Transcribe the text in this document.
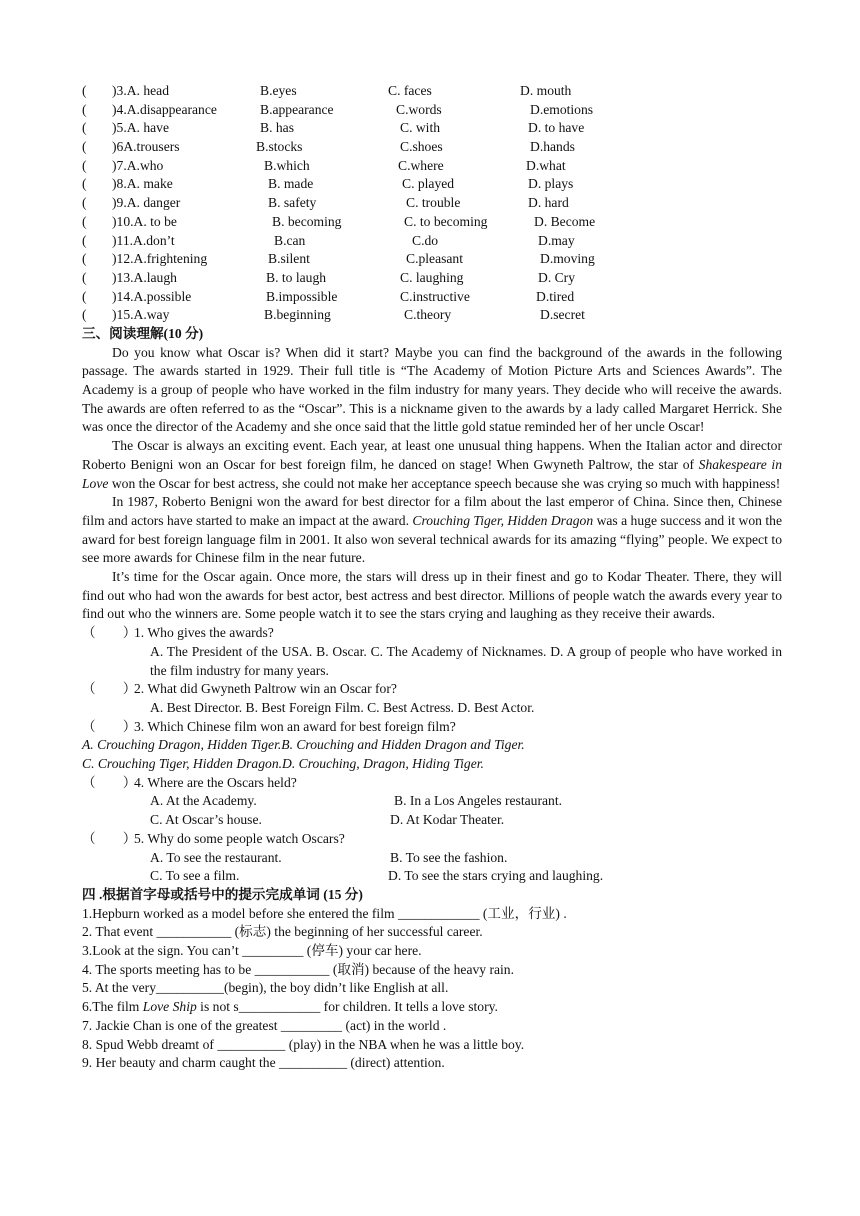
( )3.A. head	B.eyes	C. faces	D. mouth
( )4.A.disappearance	B.appearance	C.words	D.emotions
( )5.A. have	B. has	C. with	D. to have
( )6A.trousers	B.stocks	C.shoes	D.hands
( )7.A.who	B.which	C.where	D.what
( )8.A. make	B. made	C. played	D. plays
( )9.A. danger	B. safety	C. trouble	D. hard
( )10.A. to be	B. becoming	C. to becoming	D. Become
( )11.A.don’t	B.can	C.do	D.may
( )12.A.frightening	B.silent	C.pleasant	D.moving
( )13.A.laugh	B. to laugh	C. laughing	D. Cry
( )14.A.possible	B.impossible	C.instructive	D.tired
( )15.A.way	B.beginning	C.theory	D.secret
三、阅读理解(10 分)

Do you know what Oscar is? When did it start? Maybe you can find the background of the awards in the following passage. The awards started in 1929. Their full title is “The Academy of Motion Picture Arts and Sciences Awards”. The Academy is a group of people who have worked in the film industry for many years. They decide who will receive the awards. The awards are often referred to as the “Oscar”. This is a nickname given to the awards by a lady called Margaret Herrick. She was once the director of the Academy and she once said that the little gold statue reminded her of her uncle Oscar!

The Oscar is always an exciting event. Each year, at least one unusual thing happens. When the Italian actor and director Roberto Benigni won an Oscar for best foreign film, he danced on stage! When Gwyneth Paltrow, the star of Shakespeare in Love won the Oscar for best actress, she could not make her acceptance speech because she was crying so much with happiness!

In 1987, Roberto Benigni won the award for best director for a film about the last emperor of China. Since then, Chinese film and actors have started to make an impact at the award. Crouching Tiger, Hidden Dragon was a huge success and it won the award for best foreign language film in 2001. It also won several technical awards for its amazing “flying” people. We expect to see more awards for Chinese film in the near future.

It’s time for the Oscar again. Once more, the stars will dress up in their finest and go to Kodar Theater. There, they will find out who had won the awards for best actor, best actress and best director. Millions of people watch the awards every year to find out who the winners are. Some people watch it to see the stars crying and laughing as they receive their awards.

（　　）1. Who gives the awards?
A. The President of the USA. B. Oscar. C. The Academy of Nicknames. D. A group of people who have worked in the film industry for many years.
（　　）2. What did Gwyneth Paltrow win an Oscar for?
A. Best Director. B. Best Foreign Film. C. Best Actress. D. Best Actor.
（　　）3. Which Chinese film won an award for best foreign film?
A. Crouching Dragon, Hidden Tiger.B. Crouching and Hidden Dragon and Tiger.
C. Crouching Tiger, Hidden Dragon.D. Crouching, Dragon, Hiding Tiger.
（　　）4. Where are the Oscars held?
A. At the Academy.	B. In a Los Angeles restaurant.
C. At Oscar’s house.	D. At Kodar Theater.
（　　）5. Why do some people watch Oscars?
A. To see the restaurant.	B. To see the fashion.
C. To see a film.	D. To see the stars crying and laughing.
四 .根据首字母或括号中的提示完成单词 (15 分)
1.Hepburn worked as a model before she entered the film ____________ (工业，行业) .
2. That event ___________ (标志) the beginning of her successful career.
3.Look at the sign. You can’t _________ (停车) your car here.
4. The sports meeting has to be ___________ (取消) because of the heavy rain.
5. At the very__________(begin), the boy didn’t like English at all.
6.The film Love Ship is not s____________ for children. It tells a love story.
7. Jackie Chan is one of the greatest _________ (act) in the world .
8. Spud Webb dreamt of __________ (play) in the NBA when he was a little boy.
9. Her beauty and charm caught the __________ (direct) attention.
